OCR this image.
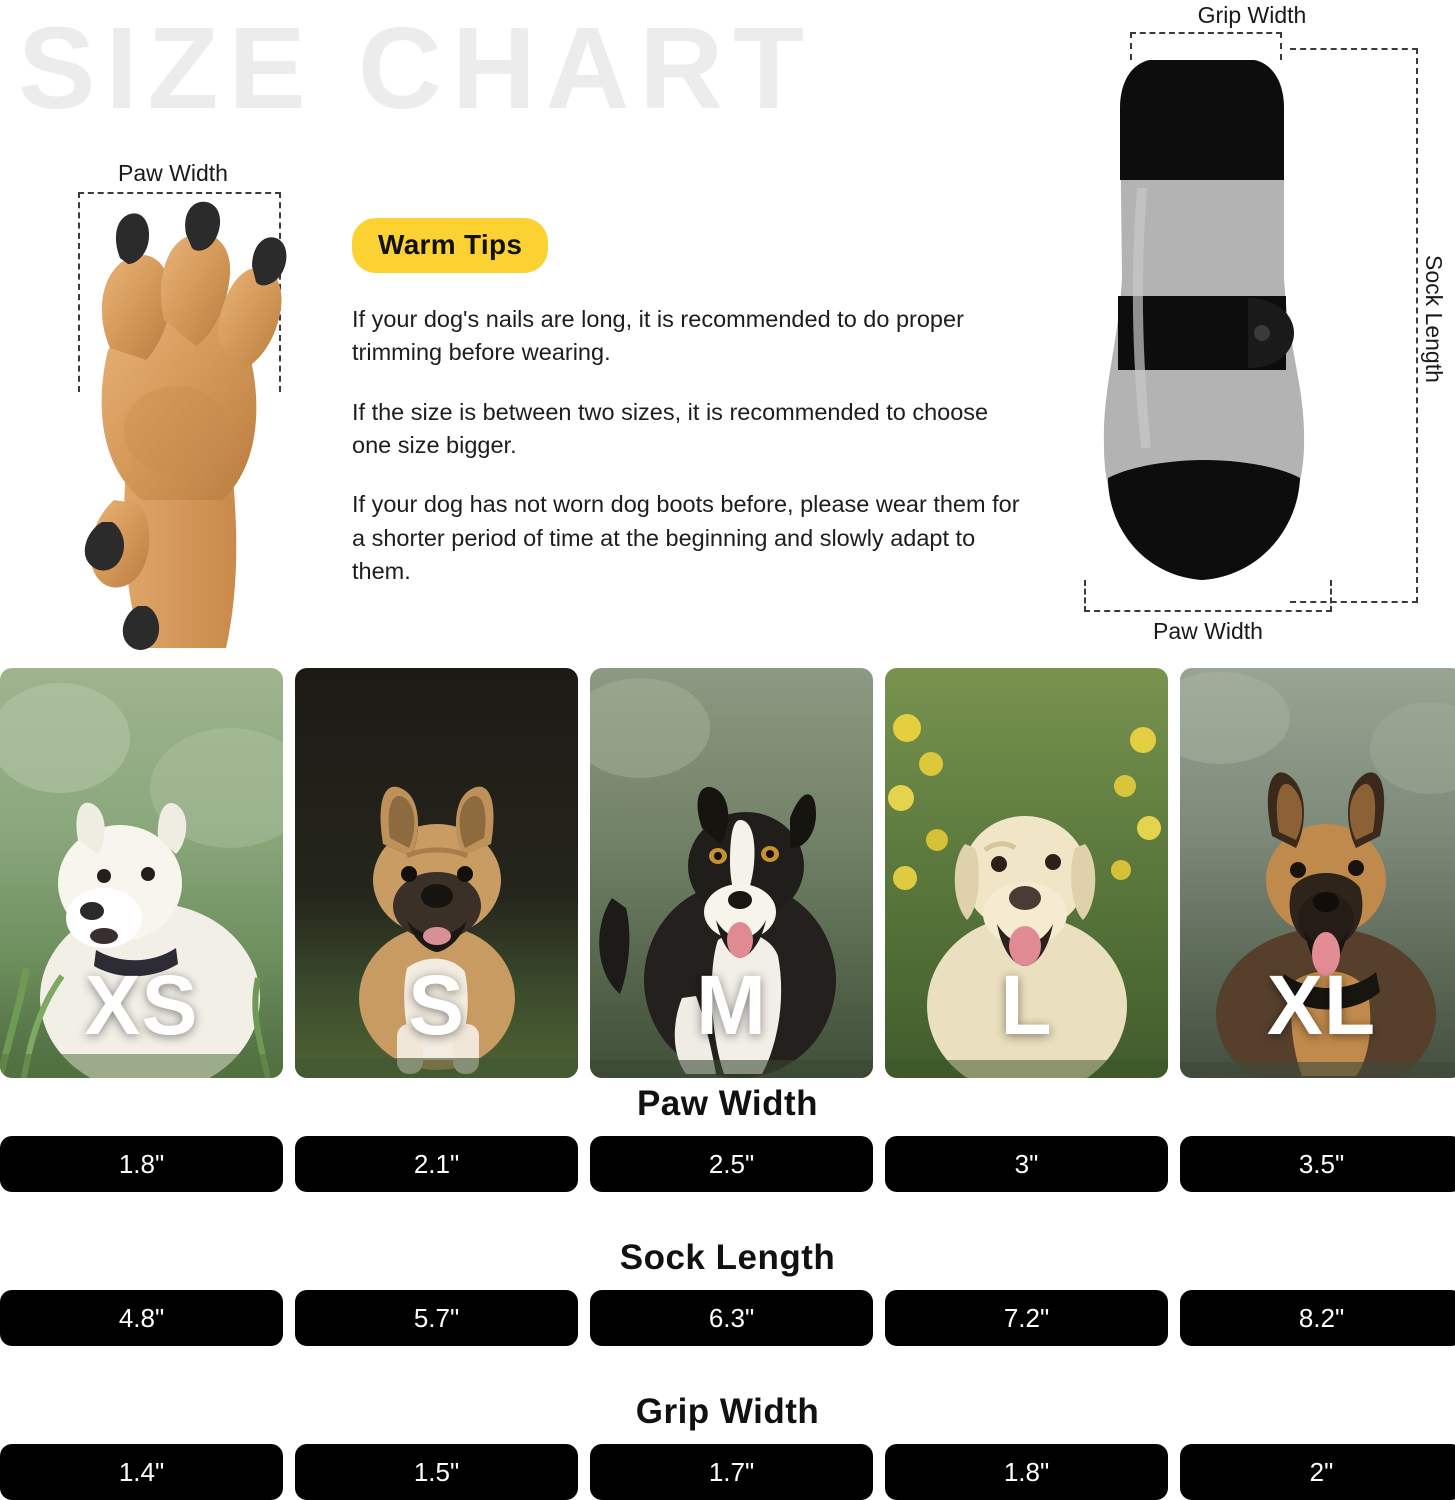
SIZE CHART
Paw Width
Warm Tips

If your dog's nails are long, it is recommended to do proper trimming before wearing.

If the size is between two sizes, it is recommended to choose one size bigger.

If your dog has not worn dog boots before, please wear them for a shorter period of time at the beginning and slowly adapt to them.

Grip Width
Sock Length
Paw Width
XS	S	M	L	XL
Paw Width
1.8"	2.1"	2.5"	3"	3.5"
Sock Length
4.8"	5.7"	6.3"	7.2"	8.2"
Grip Width
1.4"	1.5"	1.7"	1.8"	2"
